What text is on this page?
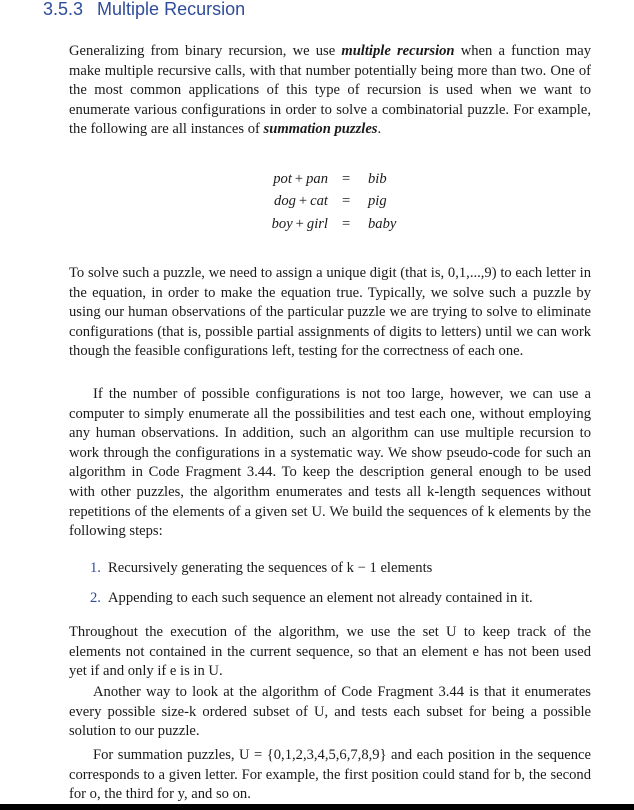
3.5.3 Multiple Recursion

Generalizing from binary recursion, we use multiple recursion when a function may make multiple recursive calls, with that number potentially being more than two. One of the most common applications of this type of recursion is used when we want to enumerate various configurations in order to solve a combinatorial puzzle. For example, the following are all instances of summation puzzles.

pot + pan = bib
dog + cat = pig
boy + girl = baby

To solve such a puzzle, we need to assign a unique digit (that is, 0,1,...,9) to each letter in the equation, in order to make the equation true. Typically, we solve such a puzzle by using our human observations of the particular puzzle we are trying to solve to eliminate configurations (that is, possible partial assignments of digits to letters) until we can work though the feasible configurations left, testing for the correctness of each one.

If the number of possible configurations is not too large, however, we can use a computer to simply enumerate all the possibilities and test each one, without employing any human observations. In addition, such an algorithm can use multiple recursion to work through the configurations in a systematic way. We show pseudo-code for such an algorithm in Code Fragment 3.44. To keep the description general enough to be used with other puzzles, the algorithm enumerates and tests all k-length sequences without repetitions of the elements of a given set U. We build the sequences of k elements by the following steps:

1. Recursively generating the sequences of k − 1 elements
2. Appending to each such sequence an element not already contained in it.

Throughout the execution of the algorithm, we use the set U to keep track of the elements not contained in the current sequence, so that an element e has not been used yet if and only if e is in U.

Another way to look at the algorithm of Code Fragment 3.44 is that it enumerates every possible size-k ordered subset of U, and tests each subset for being a possible solution to our puzzle.

For summation puzzles, U = {0,1,2,3,4,5,6,7,8,9} and each position in the sequence corresponds to a given letter. For example, the first position could stand for b, the second for o, the third for y, and so on.
